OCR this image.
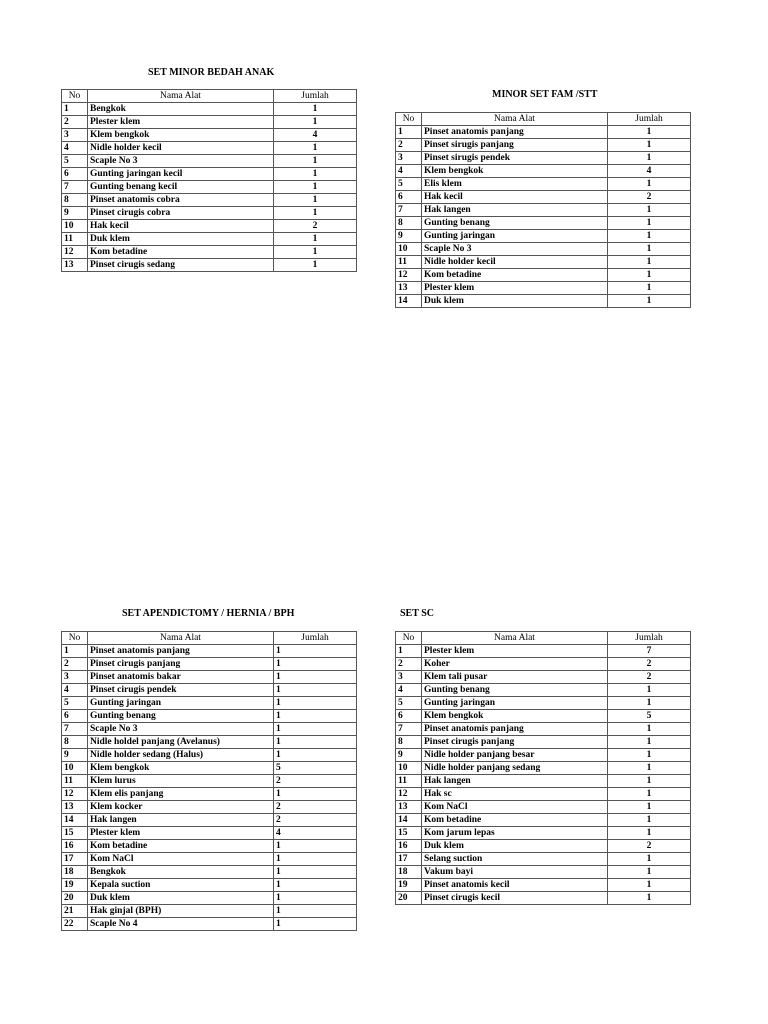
SET MINOR BEDAH ANAK
No	Nama Alat	Jumlah
1	Bengkok	1
2	Plester klem	1
3	Klem bengkok	4
4	Nidle holder kecil	1
5	Scaple No 3	1
6	Gunting jaringan kecil	1
7	Gunting benang kecil	1
8	Pinset anatomis cobra	1
9	Pinset cirugis cobra	1
10	Hak kecil	2
11	Duk klem	1
12	Kom betadine	1
13	Pinset cirugis sedang	1
MINOR SET FAM /STT
No	Nama Alat	Jumlah
1	Pinset anatomis panjang	1
2	Pinset sirugis panjang	1
3	Pinset sirugis pendek	1
4	Klem bengkok	4
5	Elis klem	1
6	Hak kecil	2
7	Hak langen	1
8	Gunting benang	1
9	Gunting jaringan	1
10	Scaple No 3	1
11	Nidle holder kecil	1
12	Kom betadine	1
13	Plester klem	1
14	Duk klem	1
SET APENDICTOMY / HERNIA / BPH
No	Nama Alat	Jumlah
1	Pinset anatomis panjang	1
2	Pinset cirugis panjang	1
3	Pinset anatomis bakar	1
4	Pinset cirugis pendek	1
5	Gunting jaringan	1
6	Gunting benang	1
7	Scaple No 3	1
8	Nidle holdel panjang (Avelanus)	1
9	Nidle holder sedang (Halus)	1
10	Klem bengkok	5
11	Klem lurus	2
12	Klem elis panjang	1
13	Klem kocker	2
14	Hak langen	2
15	Plester klem	4
16	Kom betadine	1
17	Kom NaCl	1
18	Bengkok	1
19	Kepala suction	1
20	Duk klem	1
21	Hak ginjal (BPH)	1
22	Scaple No 4	1
SET SC
No	Nama Alat	Jumlah
1	Plester klem	7
2	Koher	2
3	Klem tali pusar	2
4	Gunting benang	1
5	Gunting jaringan	1
6	Klem bengkok	5
7	Pinset anatomis panjang	1
8	Pinset cirugis panjang	1
9	Nidle holder panjang besar	1
10	Nidle holder panjang sedang	1
11	Hak langen	1
12	Hak sc	1
13	Kom NaCl	1
14	Kom betadine	1
15	Kom jarum lepas	1
16	Duk klem	2
17	Selang suction	1
18	Vakum bayi	1
19	Pinset anatomis kecil	1
20	Pinset cirugis kecil	1
